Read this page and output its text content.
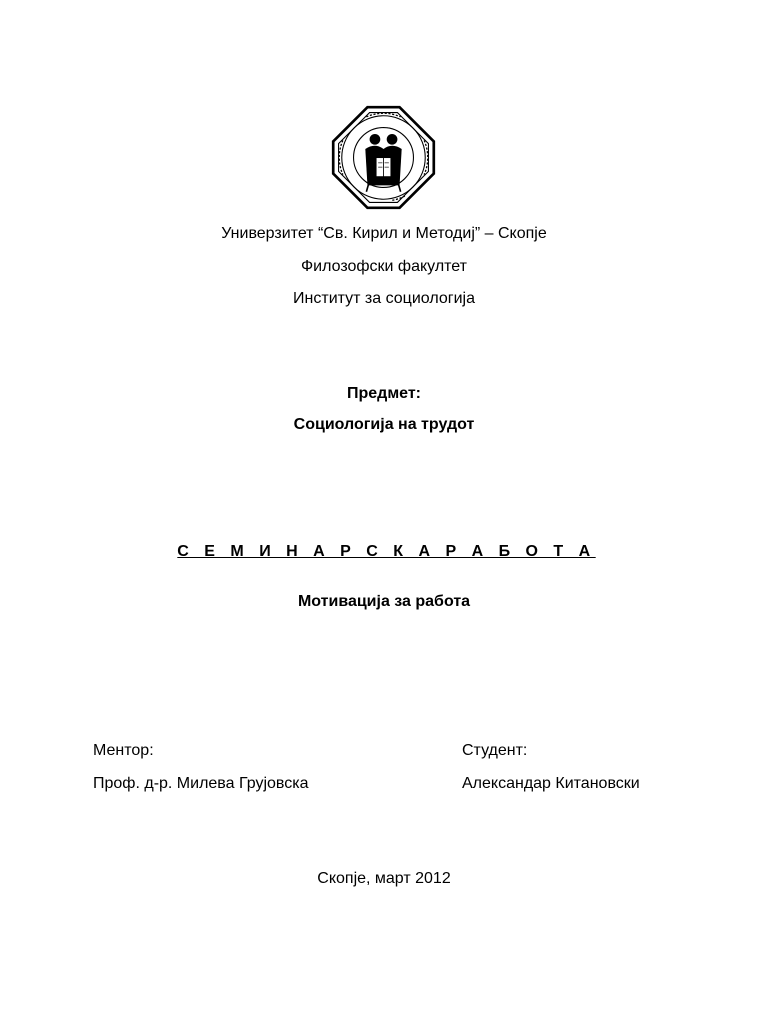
Универзитет “Св. Кирил и Методиј” – Скопје
Филозофски факултет
Институт за социологија
Предмет:
Социологија на трудот
С Е М И Н А Р С К А Р А Б О Т А
Мотивација за работа
Ментор:
Проф. д-р. Милева Грујовска
Студент:
Александар Китановски
Скопје, март 2012
